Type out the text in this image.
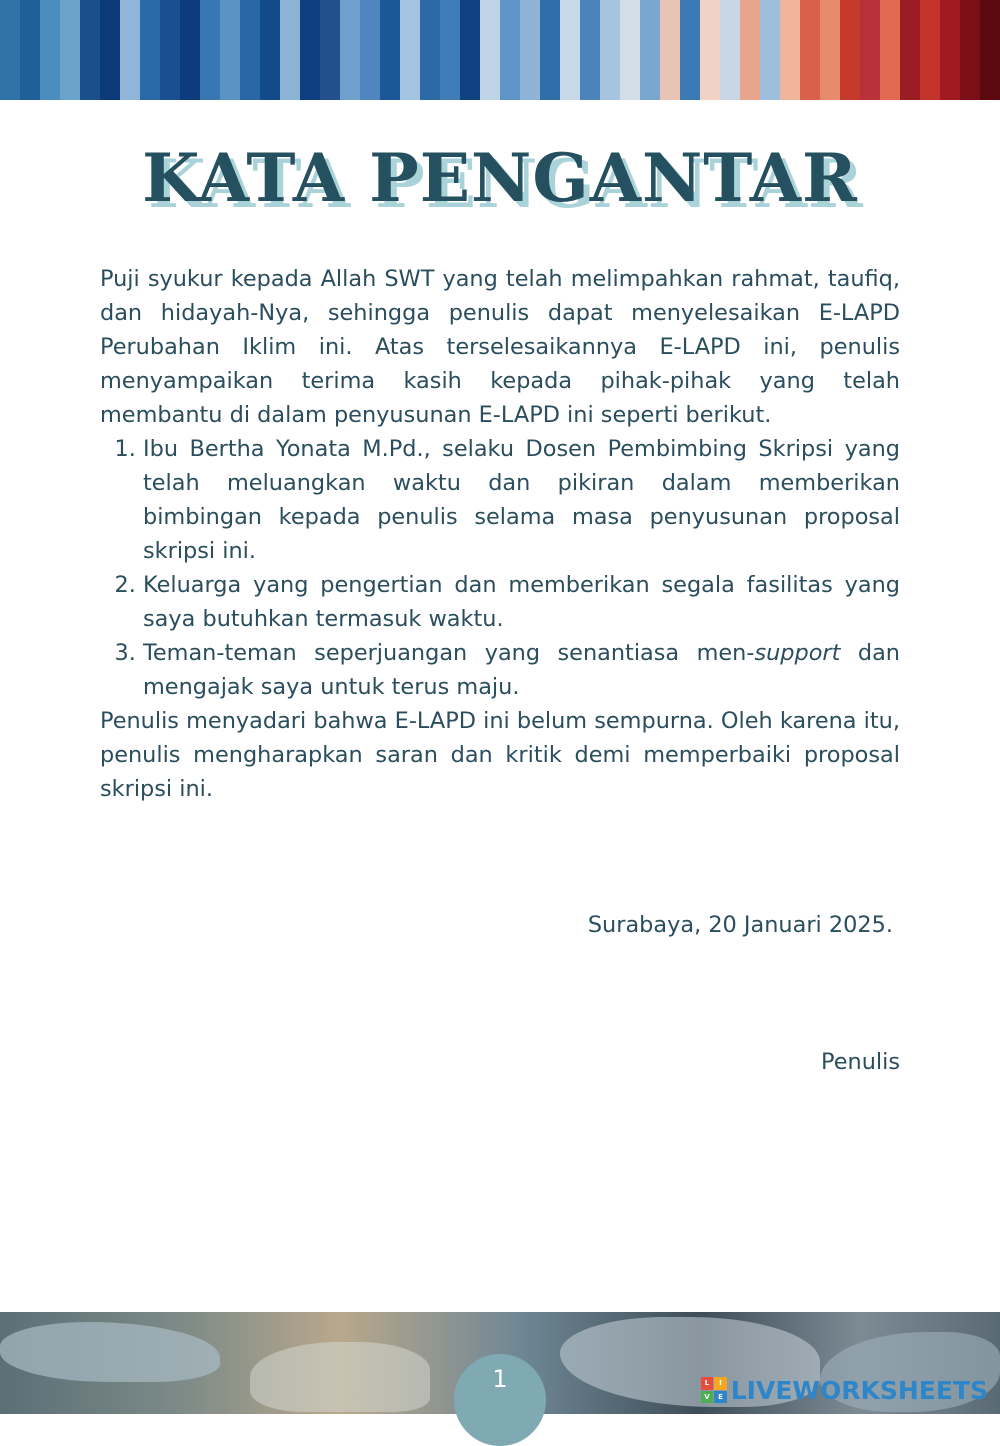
KATA PENGANTAR

Puji syukur kepada Allah SWT yang telah melimpahkan rahmat, taufiq, dan hidayah-Nya, sehingga penulis dapat menyelesaikan E-LAPD Perubahan Iklim ini. Atas terselesaikannya E-LAPD ini, penulis menyampaikan terima kasih kepada pihak-pihak yang telah membantu di dalam penyusunan E-LAPD ini seperti berikut.

1. Ibu Bertha Yonata M.Pd., selaku Dosen Pembimbing Skripsi yang telah meluangkan waktu dan pikiran dalam memberikan bimbingan kepada penulis selama masa penyusunan proposal skripsi ini.
2. Keluarga yang pengertian dan memberikan segala fasilitas yang saya butuhkan termasuk waktu.
3. Teman-teman seperjuangan yang senantiasa men-support dan mengajak saya untuk terus maju.

Penulis menyadari bahwa E-LAPD ini belum sempurna. Oleh karena itu, penulis mengharapkan saran dan kritik demi memperbaiki proposal skripsi ini.

Surabaya, 20 Januari 2025.
Penulis
1	L	I
V	E LIVEWORKSHEETS
